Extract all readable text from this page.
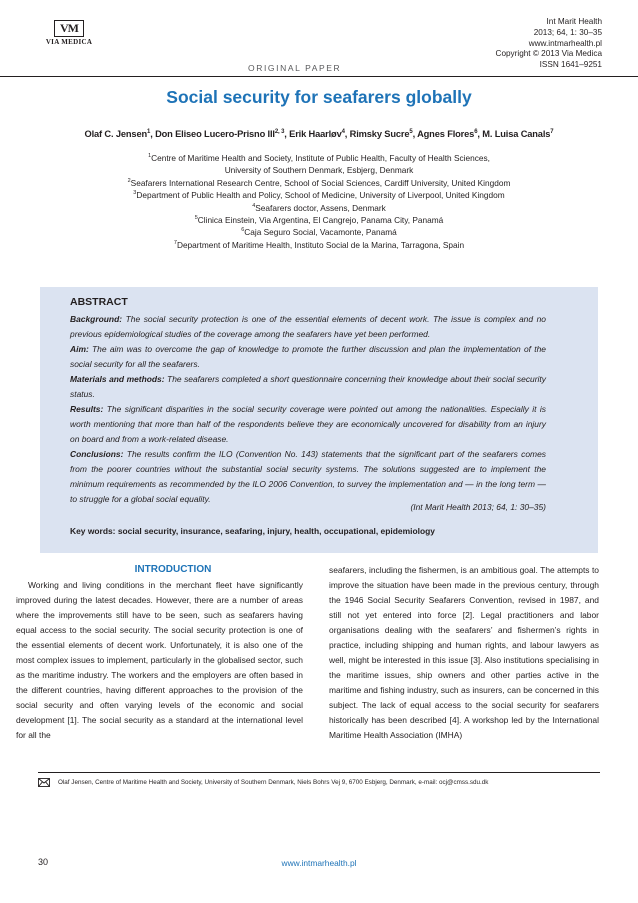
VM
VIA MEDICA
ORIGINAL PAPER
Int Marit Health
2013; 64, 1: 30–35
www.intmarhealth.pl
Copyright © 2013 Via Medica
ISSN 1641–9251
Social security for seafarers globally
Olaf C. Jensen$^1$, Don Eliseo Lucero-Prisno III$^{2, 3}$, Erik Haarløv$^4$, Rimsky Sucre$^5$, Agnes Flores$^6$, M. Luisa Canals$^7$
$^1$Centre of Maritime Health and Society, Institute of Public Health, Faculty of Health Sciences,
University of Southern Denmark, Esbjerg, Denmark
$^2$Seafarers International Research Centre, School of Social Sciences, Cardiff University, United Kingdom
$^3$Department of Public Health and Policy, School of Medicine, University of Liverpool, United Kingdom
$^4$Seafarers doctor, Assens, Denmark
$^5$Clinica Einstein, Via Argentina, El Cangrejo, Panama City, Panamá
$^6$Caja Seguro Social, Vacamonte, Panamá
$^7$Department of Maritime Health, Instituto Social de la Marina, Tarragona, Spain
ABSTRACT

Background: The social security protection is one of the essential elements of decent work. The issue is complex and no previous epidemiological studies of the coverage among the seafarers have yet been performed.

Aim: The aim was to overcome the gap of knowledge to promote the further discussion and plan the implementation of the social security for all the seafarers.

Materials and methods: The seafarers completed a short questionnaire concerning their knowledge about their social security status.

Results: The significant disparities in the social security coverage were pointed out among the nationalities. Especially it is worth mentioning that more than half of the respondents believe they are economically uncovered for disability from an injury on board and from a work-related disease.

Conclusions: The results confirm the ILO (Convention No. 143) statements that the significant part of the seafarers comes from the poorer countries without the substantial social security systems. The solutions suggested are to implement the minimum requirements as recommended by the ILO 2006 Convention, to survey the implementation and — in the long term — to struggle for a global social equality.

(Int Marit Health 2013; 64, 1: 30–35)
Key words: social security, insurance, seafaring, injury, health, occupational, epidemiology
INTRODUCTION

Working and living conditions in the merchant fleet have significantly improved during the latest decades. However, there are a number of areas where the improvements still have to be seen, such as seafarers having equal access to the social security. The social security protection is one of the essential elements of decent work. Unfortunately, it is also one of the most complex issues to implement, particularly in the globalised sector, such as the maritime industry. The workers and the employers are often based in the different countries, having different approaches to the provision of the social security and often varying levels of the economic and social development [1]. The social security as a standard at the international level for all the

seafarers, including the fishermen, is an ambitious goal. The attempts to improve the situation have been made in the previous century, through the 1946 Social Security Seafarers Convention, revised in 1987, and still not yet entered into force [2]. Legal practitioners and labor organisations dealing with the seafarers’ and fishermen’s rights in practice, including shipping and human rights, and labour lawyers as well, might be interested in this issue [3]. Also institutions specialising in the maritime issues, ship owners and other parties active in the maritime and fishing industry, such as insurers, can be concerned in this subject. The lack of equal access to the social security for seafarers historically has been described [4]. A workshop led by the International Maritime Health Association (IMHA)

Olaf Jensen, Centre of Maritime Health and Society, University of Southern Denmark, Niels Bohrs Vej 9, 6700 Esbjerg, Denmark, e-mail: ocj@cmss.sdu.dk
30	www.intmarhealth.pl
